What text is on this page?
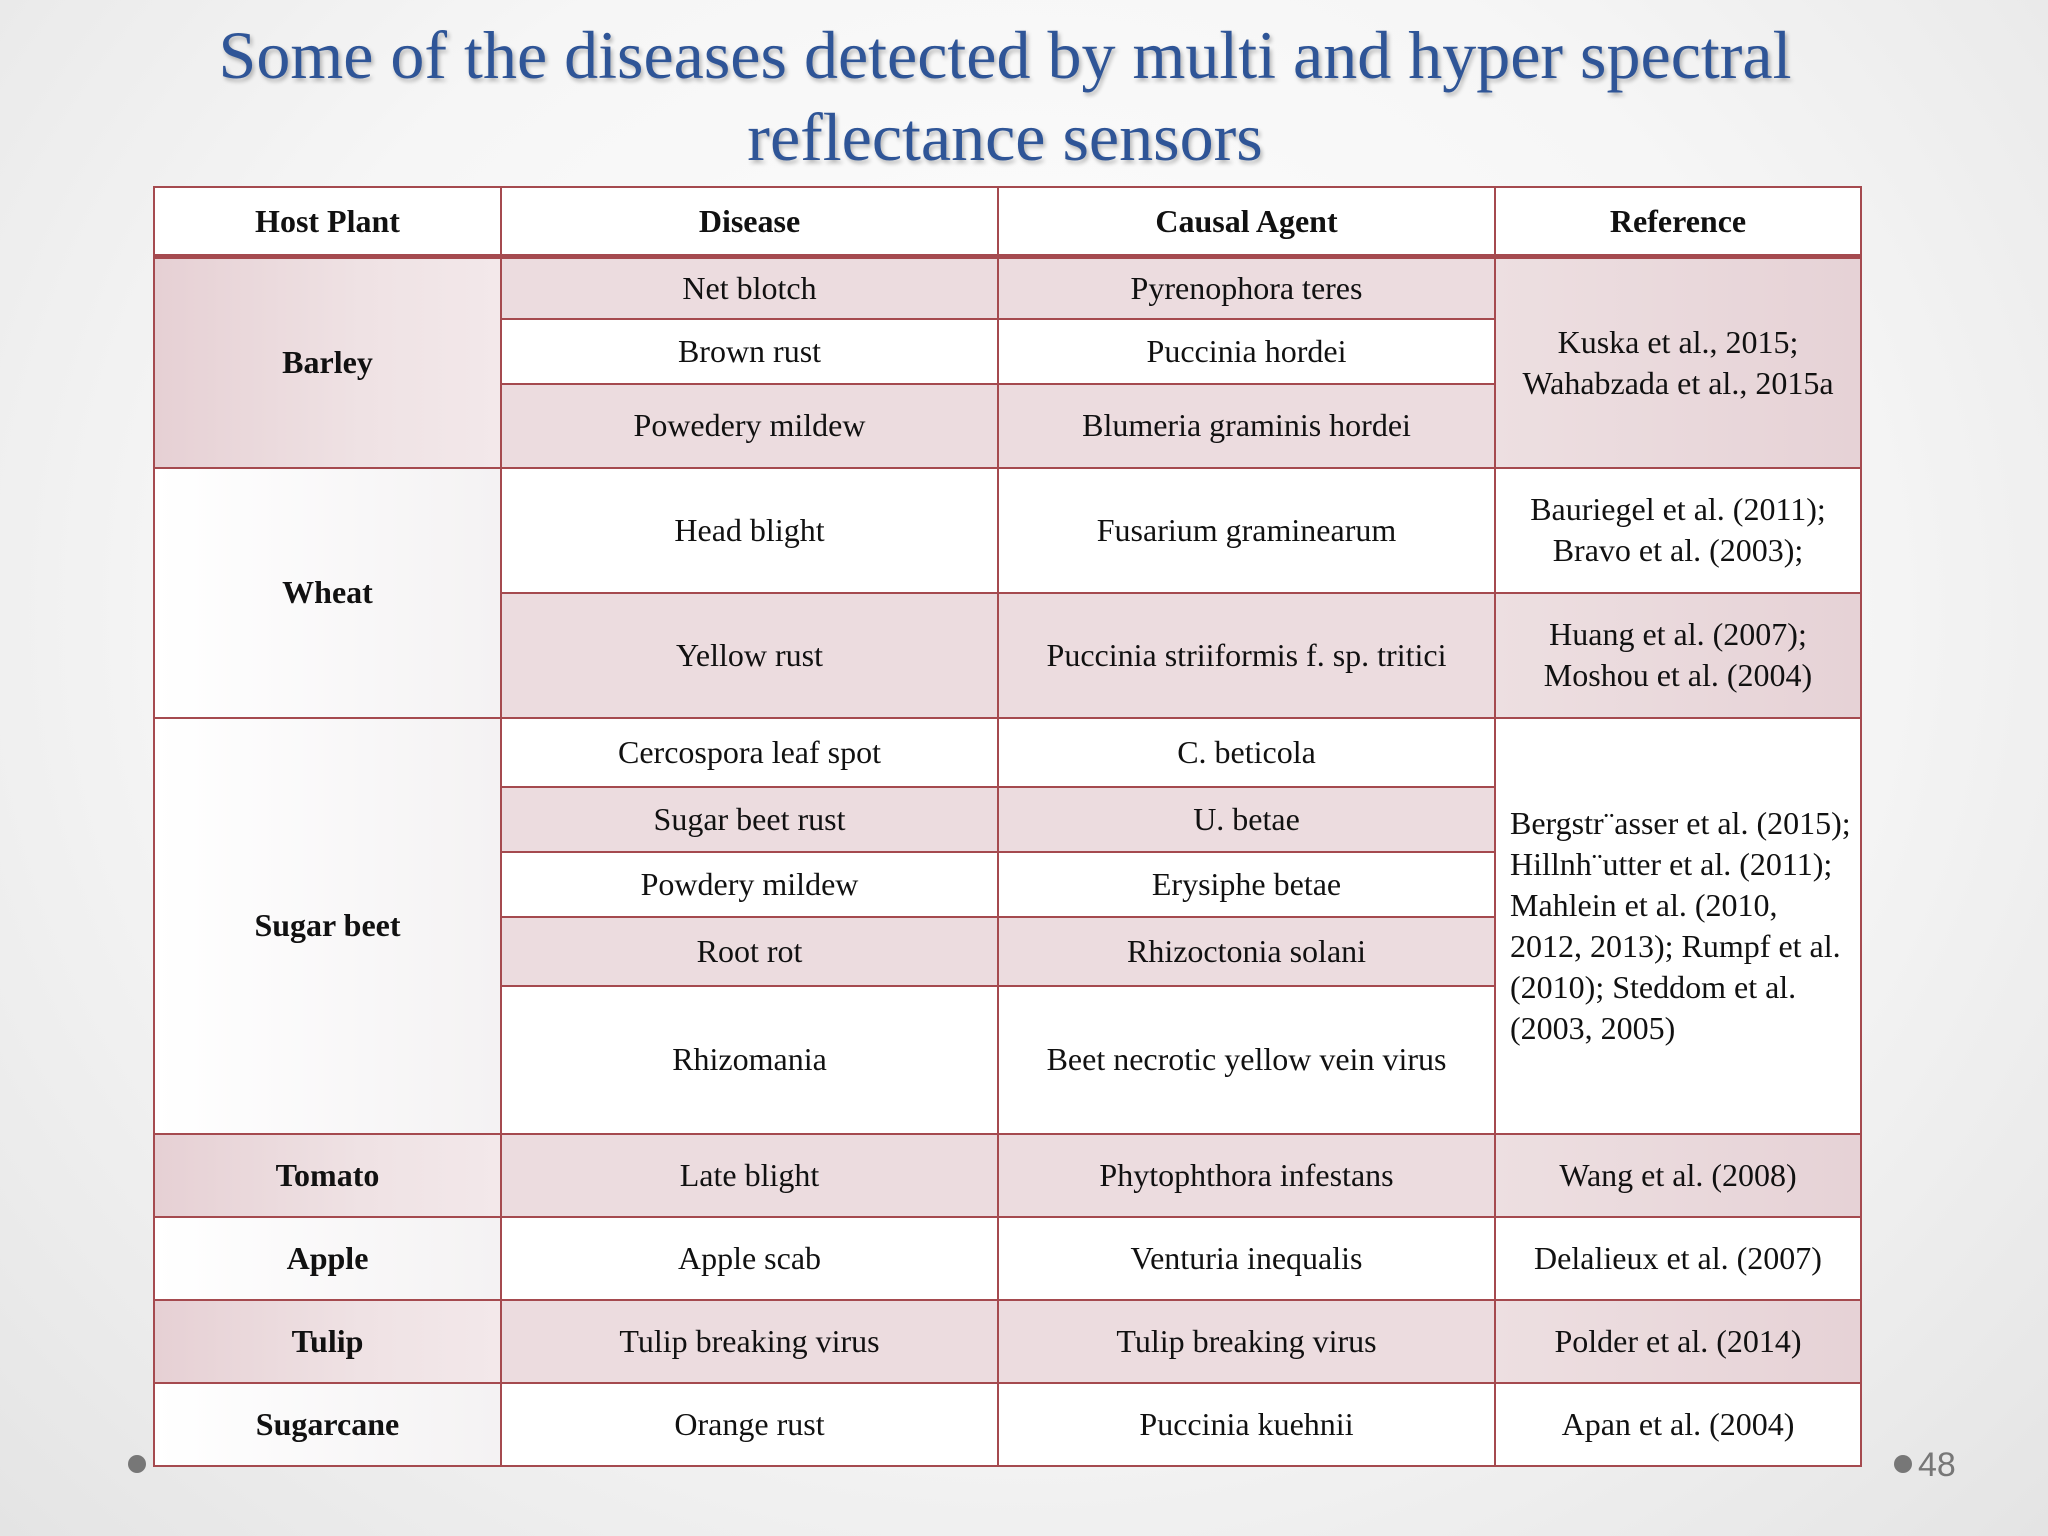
Some of the diseases detected by multi and hyper spectral
reflectance sensors
Host Plant	Disease	Causal Agent	Reference
Barley	Net blotch	Pyrenophora teres	Kuska et al., 2015; Wahabzada et al., 2015a
	Brown rust	Puccinia hordei	
	Powedery mildew	Blumeria graminis hordei	
Wheat	Head blight	Fusarium graminearum	Bauriegel et al. (2011); Bravo et al. (2003);
	Yellow rust	Puccinia striiformis f. sp. tritici	Huang et al. (2007); Moshou et al. (2004)
Sugar beet	Cercospora leaf spot	C. beticola	Bergstr¨asser et al. (2015); Hillnh¨utter et al. (2011); Mahlein et al. (2010, 2012, 2013); Rumpf et al. (2010); Steddom et al. (2003, 2005)
	Sugar beet rust	U. betae	
	Powdery mildew	Erysiphe betae	
	Root rot	Rhizoctonia solani	
	Rhizomania	Beet necrotic yellow vein virus	
Tomato	Late blight	Phytophthora infestans	Wang et al. (2008)
Apple	Apple scab	Venturia inequalis	Delalieux et al. (2007)
Tulip	Tulip breaking virus	Tulip breaking virus	Polder et al. (2014)
Sugarcane	Orange rust	Puccinia kuehnii	Apan et al. (2004)
48
